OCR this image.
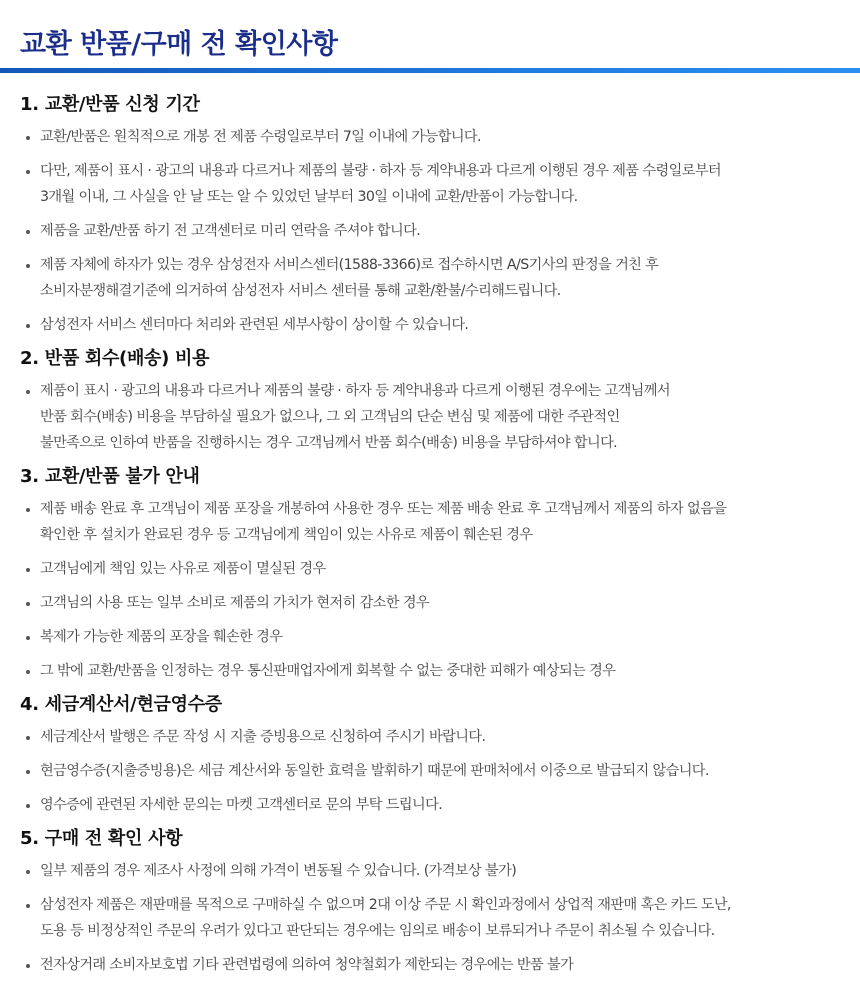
교환 반품/구매 전 확인사항
1. 교환/반품 신청 기간
교환/반품은 원칙적으로 개봉 전 제품 수령일로부터 7일 이내에 가능합니다.
다만, 제품이 표시 · 광고의 내용과 다르거나 제품의 불량 · 하자 등 계약내용과 다르게 이행된 경우 제품 수령일로부터
3개월 이내, 그 사실을 안 날 또는 알 수 있었던 날부터 30일 이내에 교환/반품이 가능합니다.
제품을 교환/반품 하기 전 고객센터로 미리 연락을 주셔야 합니다.
제품 자체에 하자가 있는 경우 삼성전자 서비스센터(1588-3366)로 접수하시면 A/S기사의 판정을 거친 후
소비자분쟁해결기준에 의거하여 삼성전자 서비스 센터를 통해 교환/환불/수리해드립니다.
삼성전자 서비스 센터마다 처리와 관련된 세부사항이 상이할 수 있습니다.
2. 반품 회수(배송) 비용
제품이 표시 · 광고의 내용과 다르거나 제품의 불량 · 하자 등 계약내용과 다르게 이행된 경우에는 고객님께서
반품 회수(배송) 비용을 부담하실 필요가 없으나, 그 외 고객님의 단순 변심 및 제품에 대한 주관적인
불만족으로 인하여 반품을 진행하시는 경우 고객님께서 반품 회수(배송) 비용을 부담하셔야 합니다.
3. 교환/반품 불가 안내
제품 배송 완료 후 고객님이 제품 포장을 개봉하여 사용한 경우 또는 제품 배송 완료 후 고객님께서 제품의 하자 없음을
확인한 후 설치가 완료된 경우 등 고객님에게 책임이 있는 사유로 제품이 훼손된 경우
고객님에게 책임 있는 사유로 제품이 멸실된 경우
고객님의 사용 또는 일부 소비로 제품의 가치가 현저히 감소한 경우
복제가 가능한 제품의 포장을 훼손한 경우
그 밖에 교환/반품을 인정하는 경우 통신판매업자에게 회복할 수 없는 중대한 피해가 예상되는 경우
4. 세금계산서/현금영수증
세금계산서 발행은 주문 작성 시 지출 증빙용으로 신청하여 주시기 바랍니다.
현금영수증(지출증빙용)은 세금 계산서와 동일한 효력을 발휘하기 때문에 판매처에서 이중으로 발급되지 않습니다.
영수증에 관련된 자세한 문의는 마켓 고객센터로 문의 부탁 드립니다.
5. 구매 전 확인 사항
일부 제품의 경우 제조사 사정에 의해 가격이 변동될 수 있습니다. (가격보상 불가)
삼성전자 제품은 재판매를 목적으로 구매하실 수 없으며 2대 이상 주문 시 확인과정에서 상업적 재판매 혹은 카드 도난,
도용 등 비정상적인 주문의 우려가 있다고 판단되는 경우에는 임의로 배송이 보류되거나 주문이 취소될 수 있습니다.
전자상거래 소비자보호법 기타 관련법령에 의하여 청약철회가 제한되는 경우에는 반품 불가
